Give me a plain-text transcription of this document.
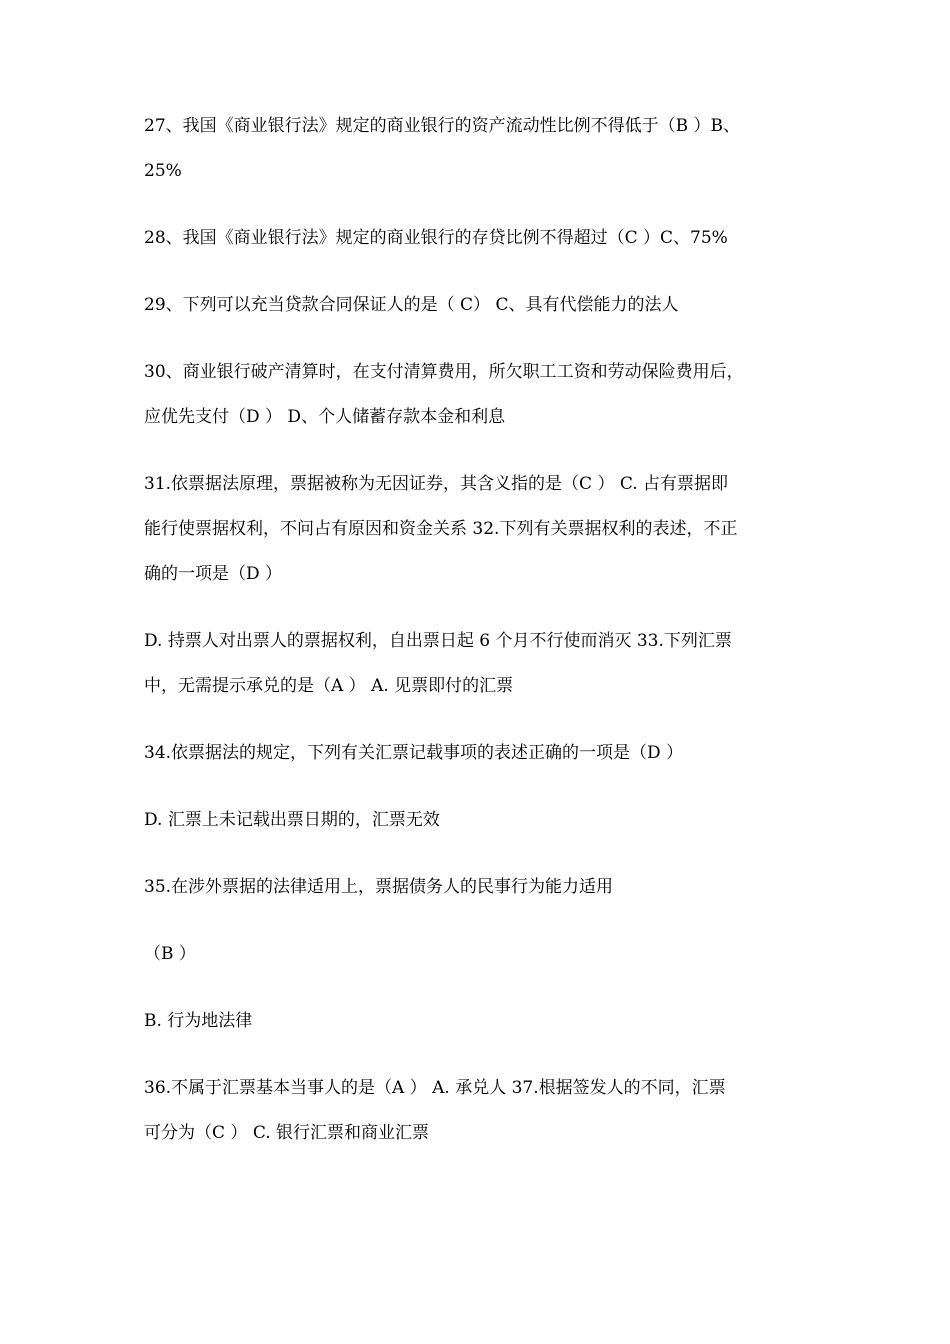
27、我国《商业银行法》规定的商业银行的资产流动性比例不得低于（B ）B、
25%
28、我国《商业银行法》规定的商业银行的存贷比例不得超过（C ）C、75%
29、下列可以充当贷款合同保证人的是（ C） C、具有代偿能力的法人
30、商业银行破产清算时，在支付清算费用，所欠职工工资和劳动保险费用后，
应优先支付（D ） D、个人储蓄存款本金和利息
31.依票据法原理，票据被称为无因证券，其含义指的是（C ） C. 占有票据即
能行使票据权利，不问占有原因和资金关系 32.下列有关票据权利的表述，不正
确的一项是（D ）
D. 持票人对出票人的票据权利，自出票日起 6 个月不行使而消灭 33.下列汇票
中，无需提示承兑的是（A ） A. 见票即付的汇票
34.依票据法的规定，下列有关汇票记载事项的表述正确的一项是（D ）
D. 汇票上未记载出票日期的，汇票无效
35.在涉外票据的法律适用上，票据债务人的民事行为能力适用
（B ）
B. 行为地法律
36.不属于汇票基本当事人的是（A ） A. 承兑人 37.根据签发人的不同，汇票
可分为（C ） C. 银行汇票和商业汇票
